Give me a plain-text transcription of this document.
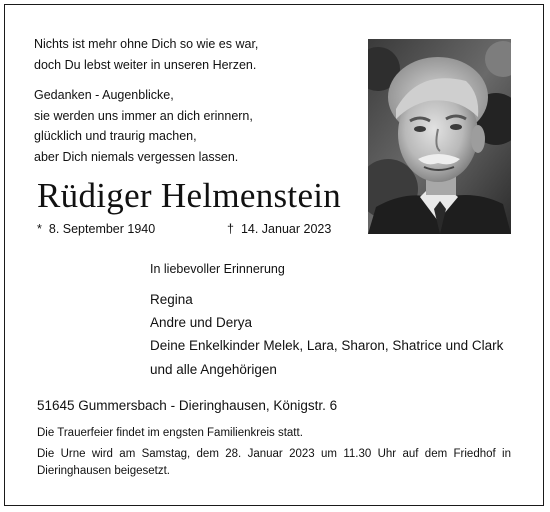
Nichts ist mehr ohne Dich so wie es war,
doch Du lebst weiter in unseren Herzen.
Gedanken - Augenblicke,
sie werden uns immer an dich erinnern,
glücklich und traurig machen,
aber Dich niemals vergessen lassen.
Rüdiger Helmenstein
* 8. September 1940	† 14. Januar 2023
In liebevoller Erinnerung
Regina
Andre und Derya
Deine Enkelkinder Melek, Lara, Sharon, Shatrice und Clark
und alle Angehörigen
51645 Gummersbach - Dieringhausen, Königstr. 6
Die Trauerfeier findet im engsten Familienkreis statt.
Die Urne wird am Samstag, dem 28. Januar 2023 um 11.30 Uhr auf dem Friedhof in Dieringhausen beigesetzt.
